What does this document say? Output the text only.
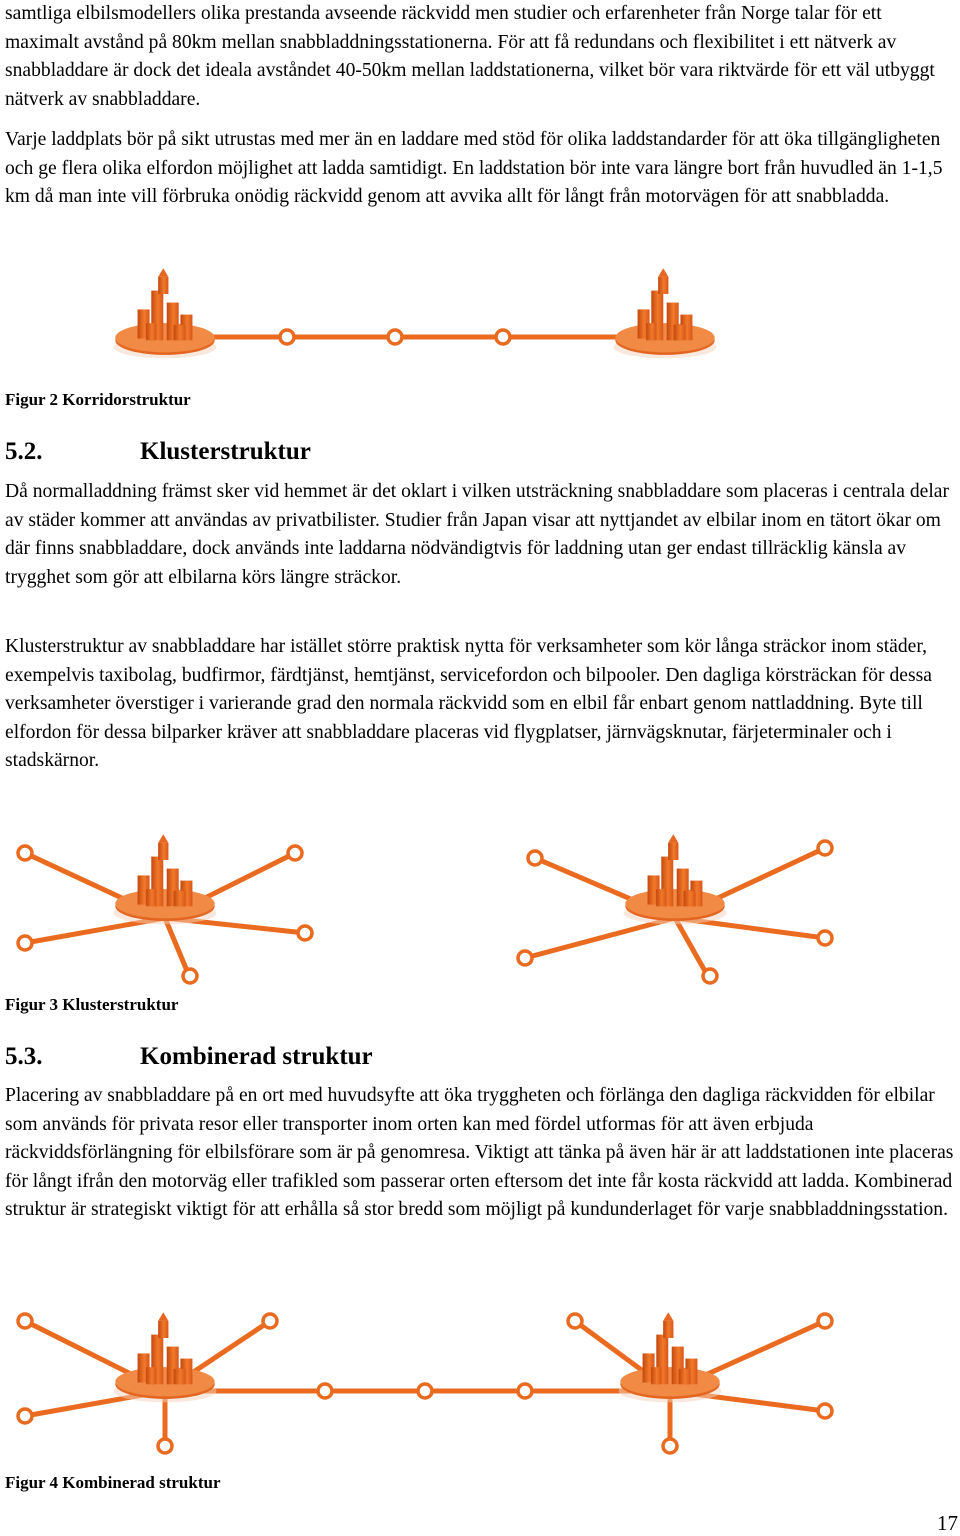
samtliga elbilsmodellers olika prestanda avseende räckvidd men studier och erfarenheter från Norge talar för ett maximalt avstånd på 80km mellan snabbladdningsstationerna. För att få redundans och flexibilitet i ett nätverk av snabbladdare är dock det ideala avståndet 40-50km mellan laddstationerna, vilket bör vara riktvärde för ett väl utbyggt nätverk av snabbladdare.

Varje laddplats bör på sikt utrustas med mer än en laddare med stöd för olika laddstandarder för att öka tillgängligheten och ge flera olika elfordon möjlighet att ladda samtidigt. En laddstation bör inte vara längre bort från huvudled än 1-1,5 km då man inte vill förbruka onödig räckvidd genom att avvika allt för långt från motorvägen för att snabbladda.

Figur 2 Korridorstruktur

5.2.	Klusterstruktur

Då normalladdning främst sker vid hemmet är det oklart i vilken utsträckning snabbladdare som placeras i centrala delar av städer kommer att användas av privatbilister. Studier från Japan visar att nyttjandet av elbilar inom en tätort ökar om där finns snabbladdare, dock används inte laddarna nödvändigtvis för laddning utan ger endast tillräcklig känsla av trygghet som gör att elbilarna körs längre sträckor.

Klusterstruktur av snabbladdare har istället större praktisk nytta för verksamheter som kör långa sträckor inom städer, exempelvis taxibolag, budfirmor, färdtjänst, hemtjänst, servicefordon och bilpooler. Den dagliga körsträckan för dessa verksamheter överstiger i varierande grad den normala räckvidd som en elbil får enbart genom nattladdning. Byte till elfordon för dessa bilparker kräver att snabbladdare placeras vid flygplatser, järnvägsknutar, färjeterminaler och i stadskärnor.

Figur 3 Klusterstruktur

5.3.	Kombinerad struktur

Placering av snabbladdare på en ort med huvudsyfte att öka tryggheten och förlänga den dagliga räckvidden för elbilar som används för privata resor eller transporter inom orten kan med fördel utformas för att även erbjuda räckviddsförlängning för elbilsförare som är på genomresa. Viktigt att tänka på även här är att laddstationen inte placeras för långt ifrån den motorväg eller trafikled som passerar orten eftersom det inte får kosta räckvidd att ladda. Kombinerad struktur är strategiskt viktigt för att erhålla så stor bredd som möjligt på kundunderlaget för varje snabbladdningsstation.

Figur 4 Kombinerad struktur

17
